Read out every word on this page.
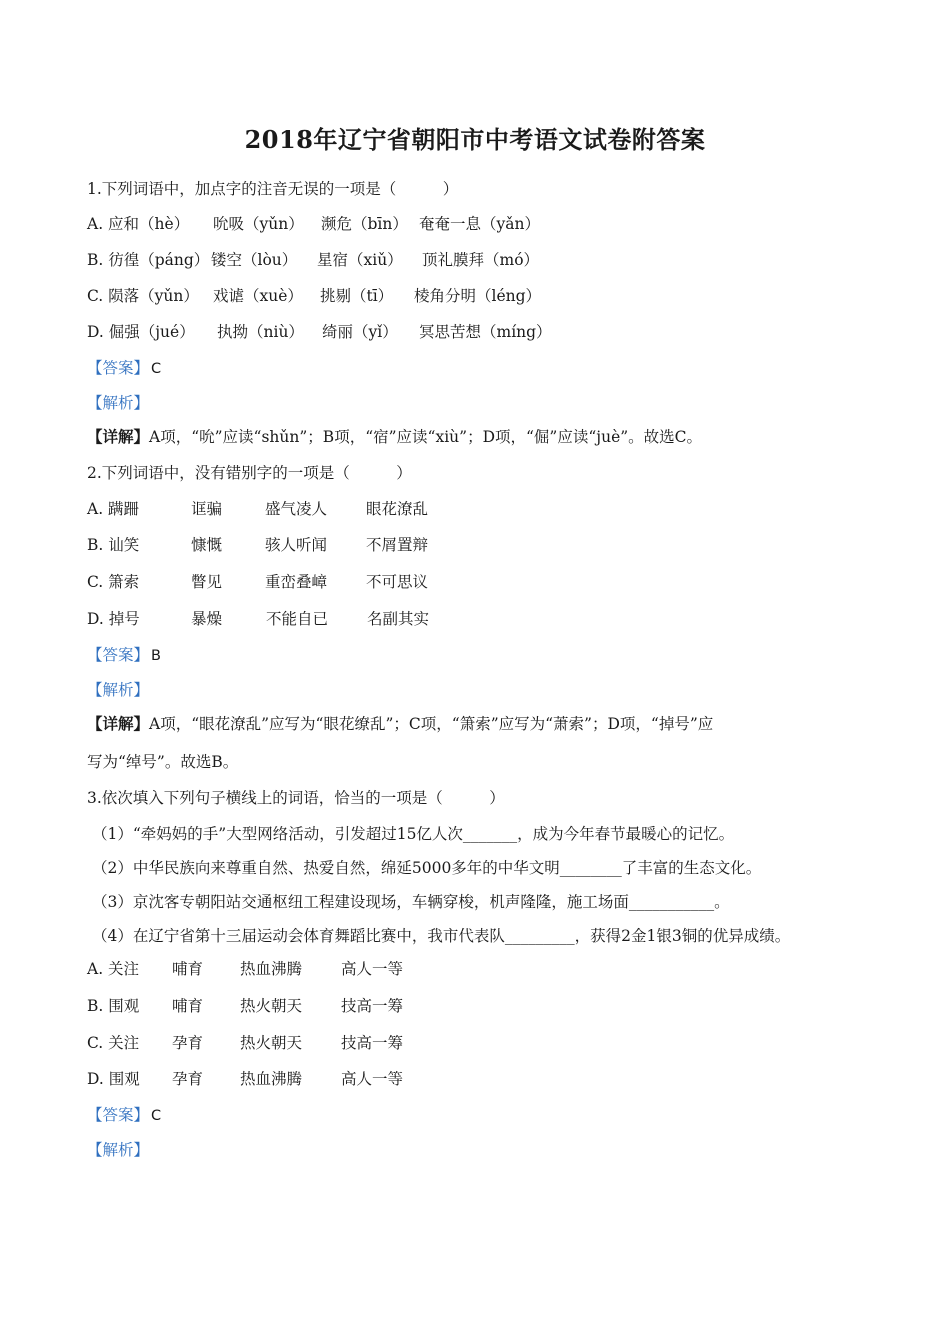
2018年辽宁省朝阳市中考语文试卷附答案
1.下列词语中，加点字的注音无误的一项是（　　　）
A. 应和（hè） 吮吸（yǔn） 濒危（bīn） 奄奄一息（yǎn）
B. 彷徨（páng） 镂空（lòu） 星宿（xiǔ） 顶礼膜拜（mó）
C. 陨落（yǔn） 戏谑（xuè） 挑剔（tī） 棱角分明（léng）
D. 倔强（jué） 执拗（niù） 绮丽（yǐ） 冥思苦想（míng）
【答案】 C
【解析】
【详解】A项，“吮”应读“shǔn”；B项，“宿”应读“xiù”；D项，“倔”应读“juè”。故选C。
2.下列词语中，没有错别字的一项是（　　　）
A. 蹒跚	诓骗	盛气凌人	眼花潦乱
B. 讪笑	慷慨	骇人听闻	不屑置辩
C. 箫索	瞥见	重峦叠嶂	不可思议
D. 掉号	暴燥	不能自已	名副其实
【答案】 B
【解析】
【详解】A项，“眼花潦乱”应写为“眼花缭乱”；C项，“箫索”应写为“萧索”；D项，“掉号”应
写为“绰号”。故选B。
3.依次填入下列句子横线上的词语，恰当的一项是（　　　）
（1）“牵妈妈的手”大型网络活动，引发超过15亿人次_______，成为今年春节最暖心的记忆。
（2）中华民族向来尊重自然、热爱自然，绵延5000多年的中华文明________了丰富的生态文化。
（3）京沈客专朝阳站交通枢纽工程建设现场，车辆穿梭，机声隆隆，施工场面___________。
（4）在辽宁省第十三届运动会体育舞蹈比赛中，我市代表队_________，获得2金1银3铜的优异成绩。
A. 关注 哺育 热血沸腾	高人一等
B. 围观 哺育 热火朝天	技高一筹
C. 关注 孕育 热火朝天	技高一筹
D. 围观 孕育 热血沸腾	高人一等
【答案】 C
【解析】
